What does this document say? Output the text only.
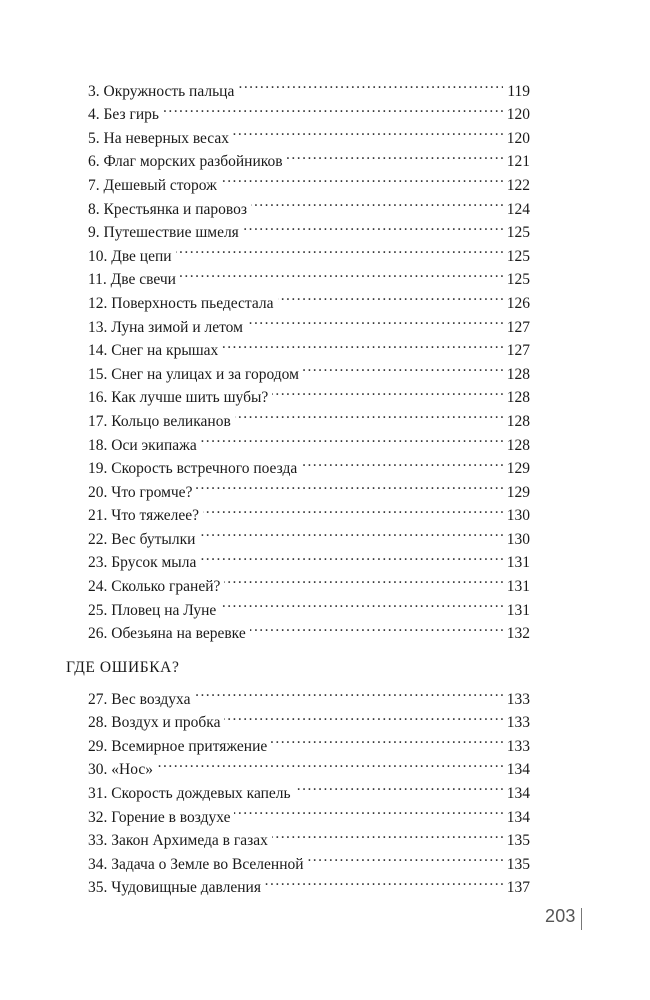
3. Окружность пальца . . .	119
4. Без гирь . . .	120
5. На неверных весах . . .	120
6. Флаг морских разбойников . . .	121
7. Дешевый сторож . . .	122
8. Крестьянка и паровоз . . .	124
9. Путешествие шмеля . . .	125
10. Две цепи . . .	125
11. Две свечи . . .	125
12. Поверхность пьедестала . . .	126
13. Луна зимой и летом . . .	127
14. Снег на крышах . . .	127
15. Снег на улицах и за городом . . .	128
16. Как лучше шить шубы? . . .	128
17. Кольцо великанов . . .	128
18. Оси экипажа . . .	128
19. Скорость встречного поезда . . .	129
20. Что громче? . . .	129
21. Что тяжелее? . . .	130
22. Вес бутылки . . .	130
23. Брусок мыла . . .	131
24. Сколько граней? . . .	131
25. Пловец на Луне . . .	131
26. Обезьяна на веревке . . .	132
ГДЕ ОШИБКА?
27. Вес воздуха . . .	133
28. Воздух и пробка . . .	133
29. Всемирное притяжение . . .	133
30. «Нос» . . .	134
31. Скорость дождевых капель . . .	134
32. Горение в воздухе . . .	134
33. Закон Архимеда в газах . . .	135
34. Задача о Земле во Вселенной . . .	135
35. Чудовищные давления . . .	137
203
